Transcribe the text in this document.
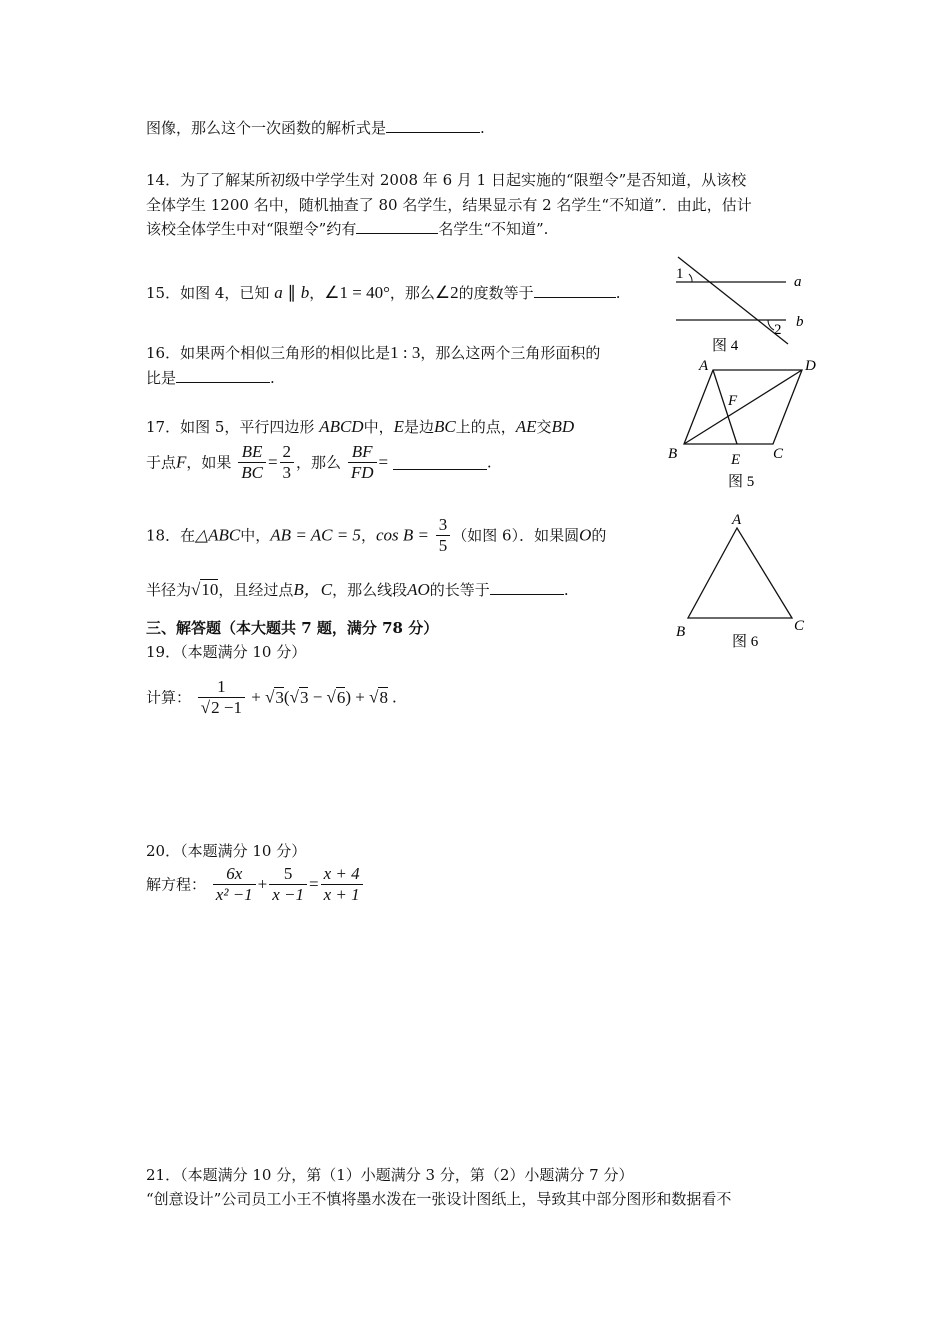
图像，那么这个一次函数的解析式是	.
14．为了了解某所初级中学学生对 2008 年 6 月 1 日起实施的“限塑令”是否知道，从该校
全体学生 1200 名中，随机抽查了 80 名学生，结果显示有 2 名学生“不知道”．由此，估计
该校全体学生中对“限塑令”约有	名学生“不知道”.
15．如图 4，已知 a ∥ b，∠1 = 40°，那么∠2的度数等于	.
16．如果两个相似三角形的相似比是1 : 3，那么这两个三角形面积的
比是	.
17．如图 5，平行四边形 ABCD中，E是边BC上的点，AE交BD
于点F，如果 $\frac{BE}{BC} = \frac{2}{3}$ ，那么 $\frac{BF}{FD}$ =	.
18．在△ABC中，AB = AC = 5，$\cos B = \frac{3}{5}$ （如图 6）．如果圆O的
半径为√10，且经过点B，C，那么线段AO的长等于	.
三、解答题（本大题共 7 题，满分 78 分）
19．（本题满分 10 分）
计算： $\frac{1}{√2 -1} + √3(√3 - √6) + √8$ .
20．（本题满分 10 分）
解方程： $\frac{6x}{\text{x² −1}} + \frac{5}{x -1} = \frac{x + 4}{x + 1}$
21．（本题满分 10 分，第（1）小题满分 3 分，第（2）小题满分 7 分）
“创意设计”公司员工小王不慎将墨水泼在一张设计图纸上，导致其中部分图形和数据看不
1
2
a
b
图 4
A	D
F
B	E C
图 5
A
B	C
图 6
